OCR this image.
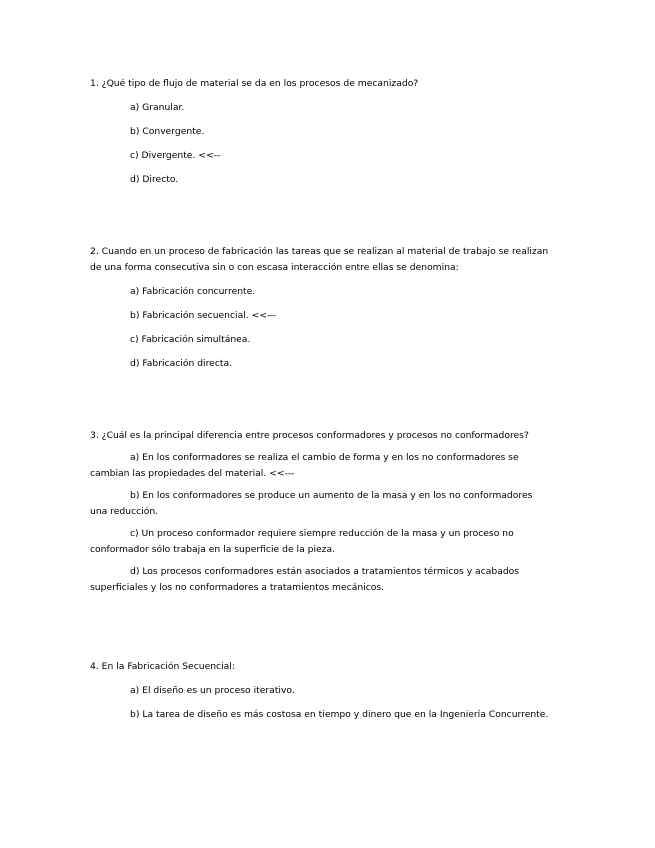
1. ¿Qué tipo de flujo de material se da en los procesos de mecanizado?

a) Granular.

b) Convergente.

c) Divergente. <<--

d) Directo.

2. Cuando en un proceso de fabricación las tareas que se realizan al material de trabajo se realizan

de una forma consecutiva sin o con escasa interacción entre ellas se denomina:

a) Fabricación concurrente.

b) Fabricación secuencial. <<—

c) Fabricación simultánea.

d) Fabricación directa.

3. ¿Cuál es la principal diferencia entre procesos conformadores y procesos no conformadores?

a) En los conformadores se realiza el cambio de forma y en los no conformadores se
cambian las propiedades del material. <<---
b) En los conformadores se produce un aumento de la masa y en los no conformadores
una reducción.
c) Un proceso conformador requiere siempre reducción de la masa y un proceso no
conformador sólo trabaja en la superficie de la pieza.
d) Los procesos conformadores están asociados a tratamientos térmicos y acabados
superficiales y los no conformadores a tratamientos mecánicos.

4. En la Fabricación Secuencial:

a) El diseño es un proceso iterativo.

b) La tarea de diseño es más costosa en tiempo y dinero que en la Ingeniería Concurrente.
